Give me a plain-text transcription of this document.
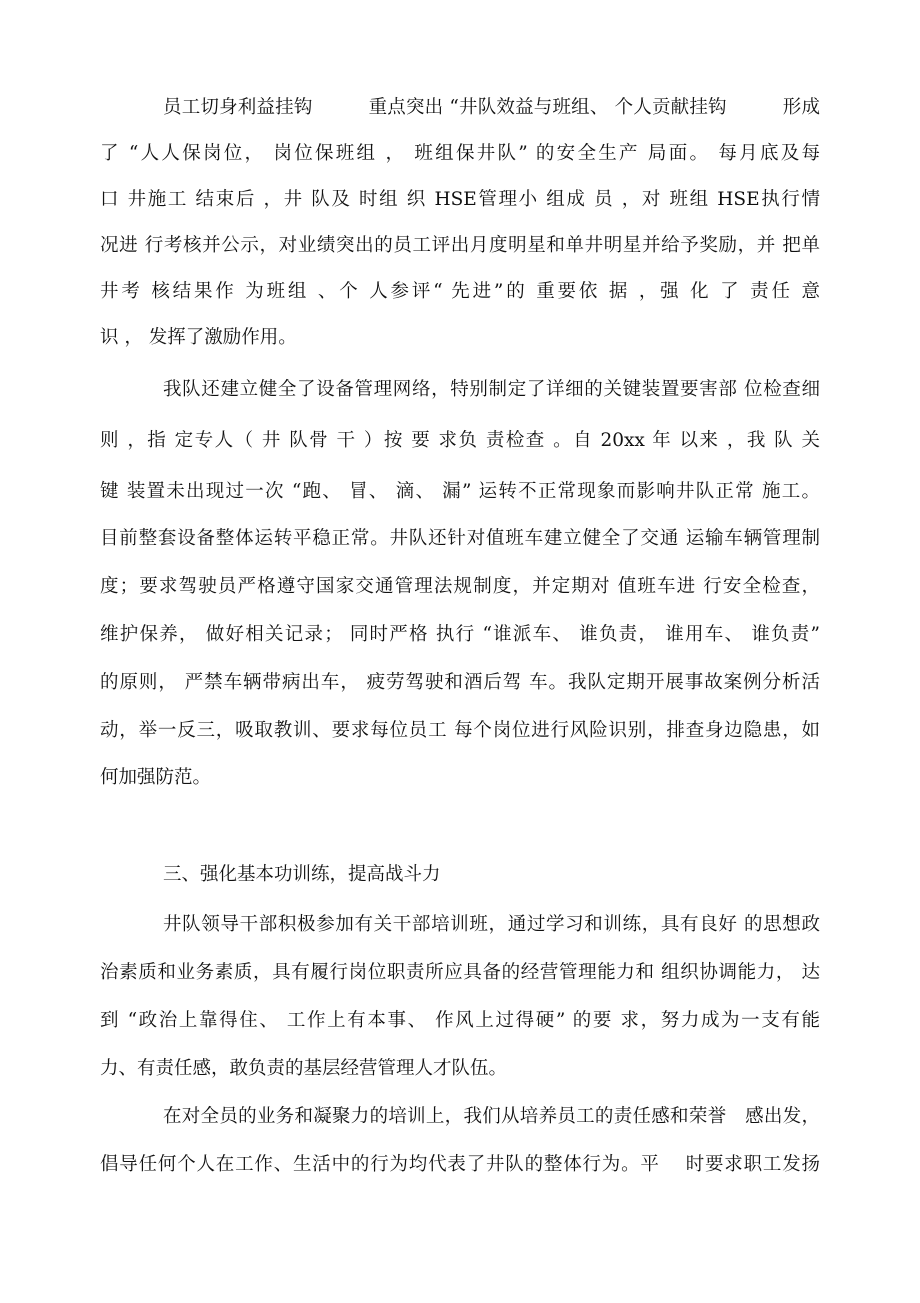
员工切身利益挂钩　　　重点突出 “井队效益与班组、 个人贡献挂钩　　　形成
了 “人人保岗位， 岗位保班组 ， 班组保井队” 的安全生产 局面。 每月底及每
口 井施工 结束后 ，井 队及 时组 织 HSE管理小 组成 员 ，对 班组 HSE执行情
况进 行考核并公示，对业绩突出的员工评出月度明星和单井明星并给予奖励，并 把单
井考 核结果作 为班组 、个 人参评“ 先进”的 重要依 据 ，强 化 了 责任 意
识 ， 发挥了激励作用。
我队还建立健全了设备管理网络，特别制定了详细的关键装置要害部 位检查细
则 ，指 定专人（ 井 队骨 干 ）按 要 求负 责检查 。自 20xx 年 以来 ，我 队 关
键 装置未出现过一次 “跑、 冒、 滴、 漏” 运转不正常现象而影响井队正常 施工。
目前整套设备整体运转平稳正常。井队还针对值班车建立健全了交通 运输车辆管理制
度；要求驾驶员严格遵守国家交通管理法规制度，并定期对 值班车进 行安全检查，
维护保养， 做好相关记录； 同时严格 执行 “谁派车、 谁负责， 谁用车、 谁负责”
的原则， 严禁车辆带病出车， 疲劳驾驶和酒后驾 车。我队定期开展事故案例分析活
动，举一反三，吸取教训、要求每位员工 每个岗位进行风险识别，排查身边隐患，如
何加强防范。
三、强化基本功训练，提高战斗力
井队领导干部积极参加有关干部培训班，通过学习和训练，具有良好 的思想政
治素质和业务素质，具有履行岗位职责所应具备的经营管理能力和 组织协调能力， 达
到 “政治上靠得住、 工作上有本事、 作风上过得硬” 的要 求，努力成为一支有能
力、有责任感，敢负责的基层经营管理人才队伍。
在对全员的业务和凝聚力的培训上，我们从培养员工的责任感和荣誉　感出发，
倡导任何个人在工作、生活中的行为均代表了井队的整体行为。平　 时要求职工发扬
